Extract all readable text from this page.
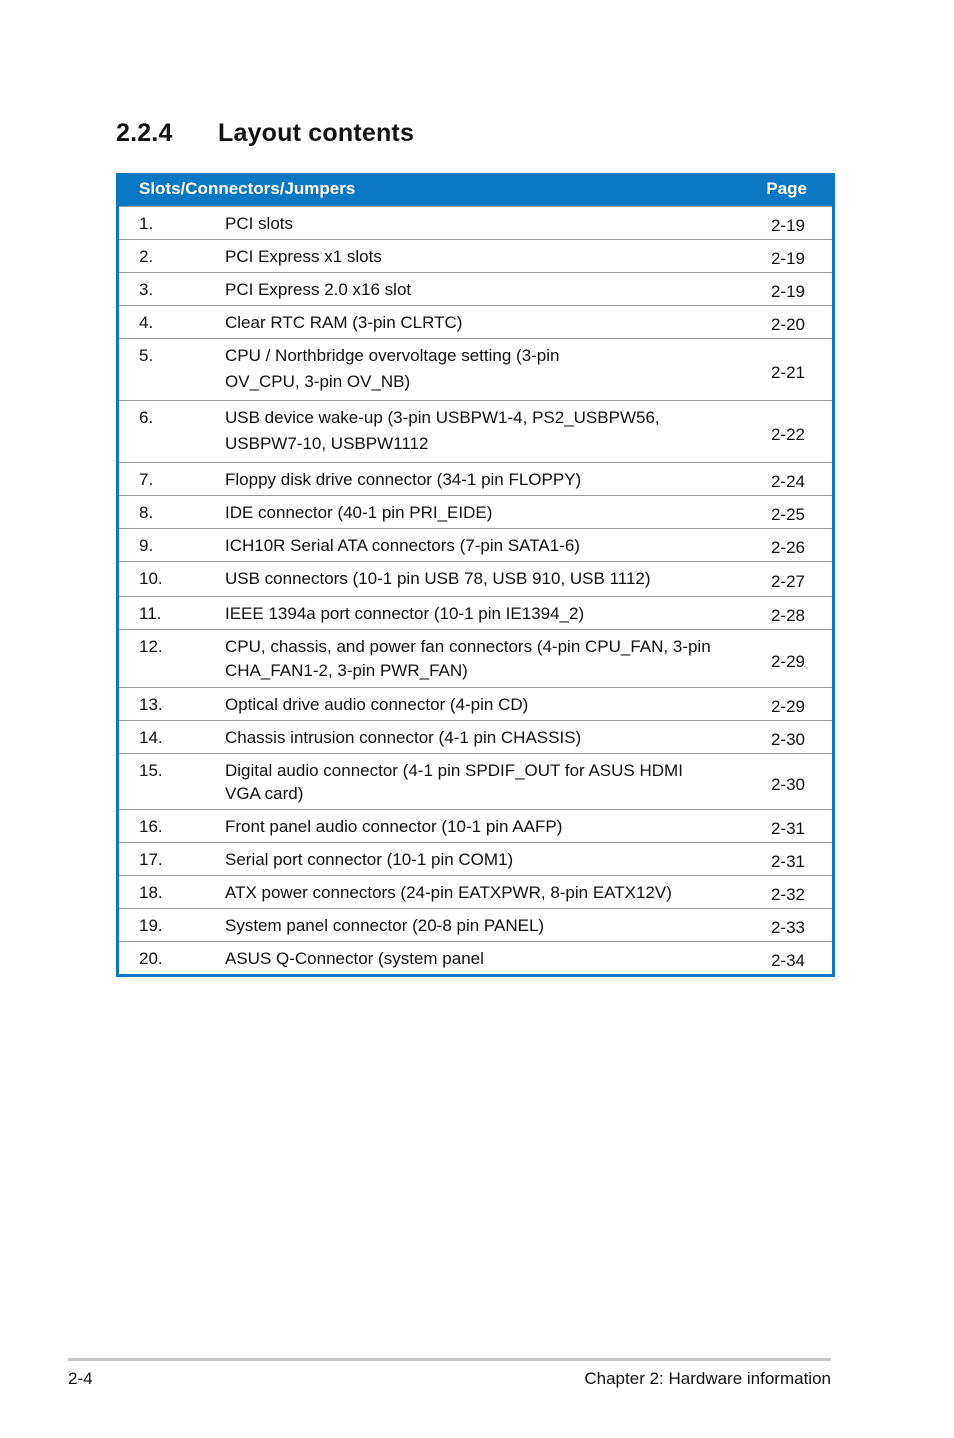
2.2.4 Layout contents
Slots/Connectors/Jumpers	Page
1.	PCI slots	2-19
2.	PCI Express x1 slots	2-19
3.	PCI Express 2.0 x16 slot	2-19
4.	Clear RTC RAM (3-pin CLRTC)	2-20
5.	CPU / Northbridge overvoltage setting (3-pin
OV_CPU, 3-pin OV_NB)	2-21
6.	USB device wake-up (3-pin USBPW1-4, PS2_USBPW56,
USBPW7-10, USBPW1112	2-22
7.	Floppy disk drive connector (34-1 pin FLOPPY)	2-24
8.	IDE connector (40-1 pin PRI_EIDE)	2-25
9.	ICH10R Serial ATA connectors (7-pin SATA1-6)	2-26
10.	USB connectors (10-1 pin USB 78, USB 910, USB 1112)	2-27
11.	IEEE 1394a port connector (10-1 pin IE1394_2)	2-28
12.	CPU, chassis, and power fan connectors (4-pin CPU_FAN, 3-pin
CHA_FAN1-2, 3-pin PWR_FAN)	2-29
13.	Optical drive audio connector (4-pin CD)	2-29
14.	Chassis intrusion connector (4-1 pin CHASSIS)	2-30
15.	Digital audio connector (4-1 pin SPDIF_OUT for ASUS HDMI
VGA card)	2-30
16.	Front panel audio connector (10-1 pin AAFP)	2-31
17.	Serial port connector (10-1 pin COM1)	2-31
18.	ATX power connectors (24-pin EATXPWR, 8-pin EATX12V)	2-32
19.	System panel connector (20-8 pin PANEL)	2-33
20.	ASUS Q-Connector (system panel	2-34
2-4	Chapter 2: Hardware information
